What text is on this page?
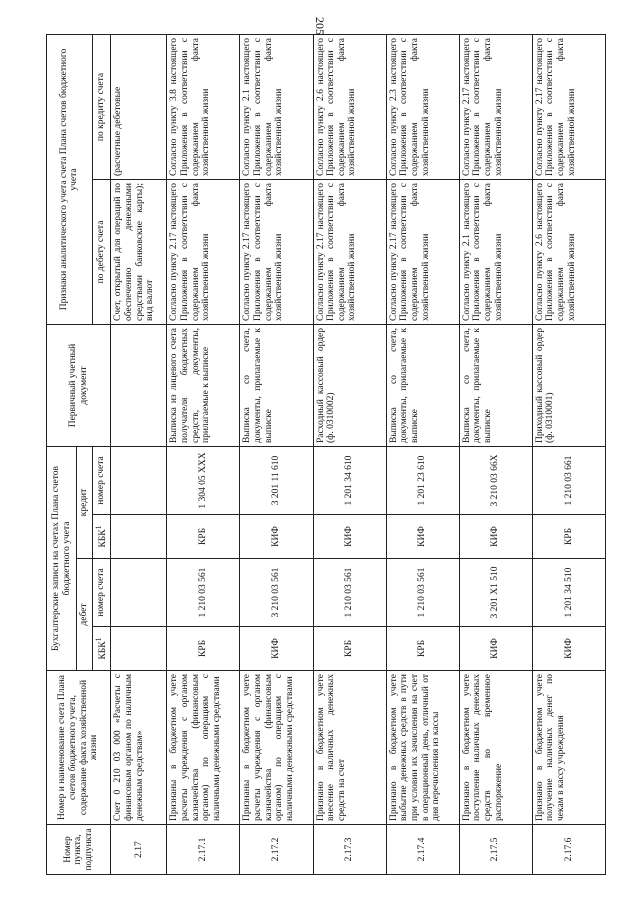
205
Номер пункта, подпункта	Номер и наименование счета Плана счетов бюджетного учета, содержание факта хозяйственной жизни	Бухгалтерские записи на счетах Плана счетов бюджетного учета				Первичный учетный документ	Признаки аналитического учета счета Плана счетов бюджетного учета	
		дебет		кредит				
		КБК$^1$	номер счета	КБК$^1$	номер счета		по дебету счета	по кредиту счета
2.17	Счет 0 210 03 000 «Расчеты с финансовым органом по наличным денежным средствам»						Счет, открытый для операций по обеспечению денежными средствами банковские карты); вид валют	(расчетные дебетовые
2.17.1	Признаны в бюджетном учете расчеты учреждения с органом казначейства (финансовым органом) по операциям с наличными денежными средствами	КРБ	1 210 03 561	КРБ	1 304 05 XXX	Выписка из лицевого счета получателя бюджетных средств, документы, прилагаемые к выписке	Согласно пункту 2.17 настоящего Приложения в соответствии с содержанием факта хозяйственной жизни	Согласно пункту 3.8 настоящего Приложения в соответствии с содержанием факта хозяйственной жизни
2.17.2	Признаны в бюджетном учете расчеты учреждения с органом казначейства (финансовым органом) по операциям с наличными денежными средствами	КИФ	3 210 03 561	КИФ	3 201 11 610	Выписка со счета, документы, прилагаемые к выписке	Согласно пункту 2.17 настоящего Приложения в соответствии с содержанием факта хозяйственной жизни	Согласно пункту 2.1 настоящего Приложения в соответствии с содержанием факта хозяйственной жизни
2.17.3	Признано в бюджетном учете внесение наличных денежных средств на счет	КРБ	1 210 03 561	КИФ	1 201 34 610	Расходный кассовый ордер (ф. 0310002)	Согласно пункту 2.17 настоящего Приложения в соответствии с содержанием факта хозяйственной жизни	Согласно пункту 2.6 настоящего Приложения в соответствии с содержанием факта хозяйственной жизни
2.17.4	Признано в бюджетном учете выбытие денежных средств в пути при условии их зачисления на счет в операционный день, отличный от дня перечисления из кассы	КРБ	1 210 03 561	КИФ	1 201 23 610	Выписка со счета, документы, прилагаемые к выписке	Согласно пункту 2.17 настоящего Приложения в соответствии с содержанием факта хозяйственной жизни	Согласно пункту 2.3 настоящего Приложения в соответствии с содержанием факта хозяйственной жизни
2.17.5	Признано в бюджетном учете поступление наличных денежных средств во временное распоряжение	КИФ	3 201 X1 510	КИФ	3 210 03 66X	Выписка со счета, документы, прилагаемые к выписке	Согласно пункту 2.1 настоящего Приложения в соответствии с содержанием факта хозяйственной жизни	Согласно пункту 2.17 настоящего Приложения в соответствии с содержанием факта хозяйственной жизни
2.17.6	Признано в бюджетном учете получение наличных денег по чекам в кассу учреждения	КИФ	1 201 34 510	КРБ	1 210 03 661	Приходный кассовый ордер (ф. 0310001)	Согласно пункту 2.6 настоящего Приложения в соответствии с содержанием факта хозяйственной жизни	Согласно пункту 2.17 настоящего Приложения в соответствии с содержанием факта хозяйственной жизни
